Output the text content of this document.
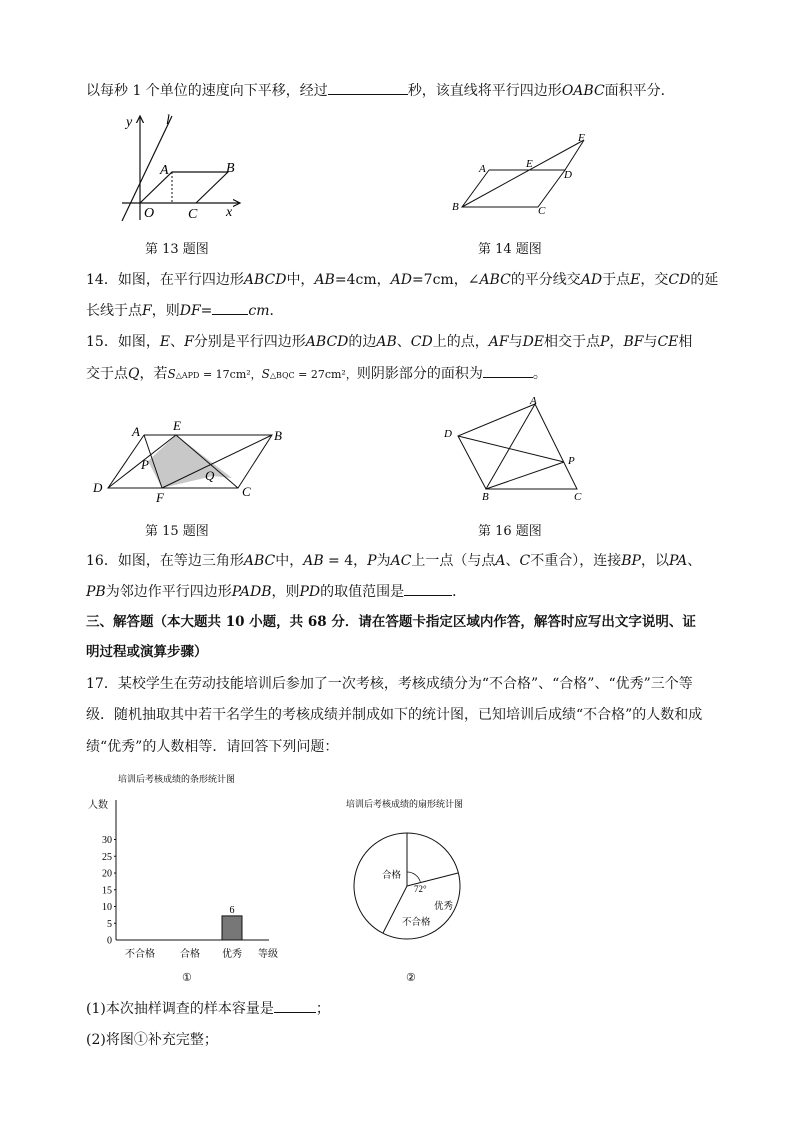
以每秒 1 个单位的速度向下平移，经过	秒，该直线将平行四边形OABC面积平分．
y l
A	B
O C x
第 13 题图
A	E
F
D
B	C
第 14 题图
14．如图，在平行四边形ABCD中，AB=4cm，AD=7cm，∠ABC的平分线交AD于点E，交CD的延
长线于点F，则DF=	cm．
15．如图，E、F分别是平行四边形ABCD的边AB、CD上的点，AF与DE相交于点P，BF与CE相
交于点Q，若S△APD = 17cm²，S△BQC = 27cm²，则阴影部分的面积为	。
A	E
B
P
Q
D
F	C
第 15 题图
A
D
P
B	C
第 16 题图
16．如图，在等边三角形ABC中，AB = 4，P为AC上一点（与点A、C不重合），连接BP，以PA、
PB为邻边作平行四边形PADB，则PD的取值范围是	．
三、解答题（本大题共 10 小题，共 68 分．请在答题卡指定区域内作答，解答时应写出文字说明、证
明过程或演算步骤）
17．某校学生在劳动技能培训后参加了一次考核，考核成绩分为“不合格”、“合格”、“优秀”三个等
级．随机抽取其中若干名学生的考核成绩并制成如下的统计图，已知培训后成绩“不合格”的人数和成
绩“优秀”的人数相等．请回答下列问题：
培训后考核成绩的条形统计图
人数
等级
0
5
10
15
20
25
30
不合格	合格 优秀
6
①
培训后考核成绩的扇形统计图
72°
合格
优秀
不合格
②
(1)本次抽样调查的样本容量是	；
(2)将图①补充完整；
